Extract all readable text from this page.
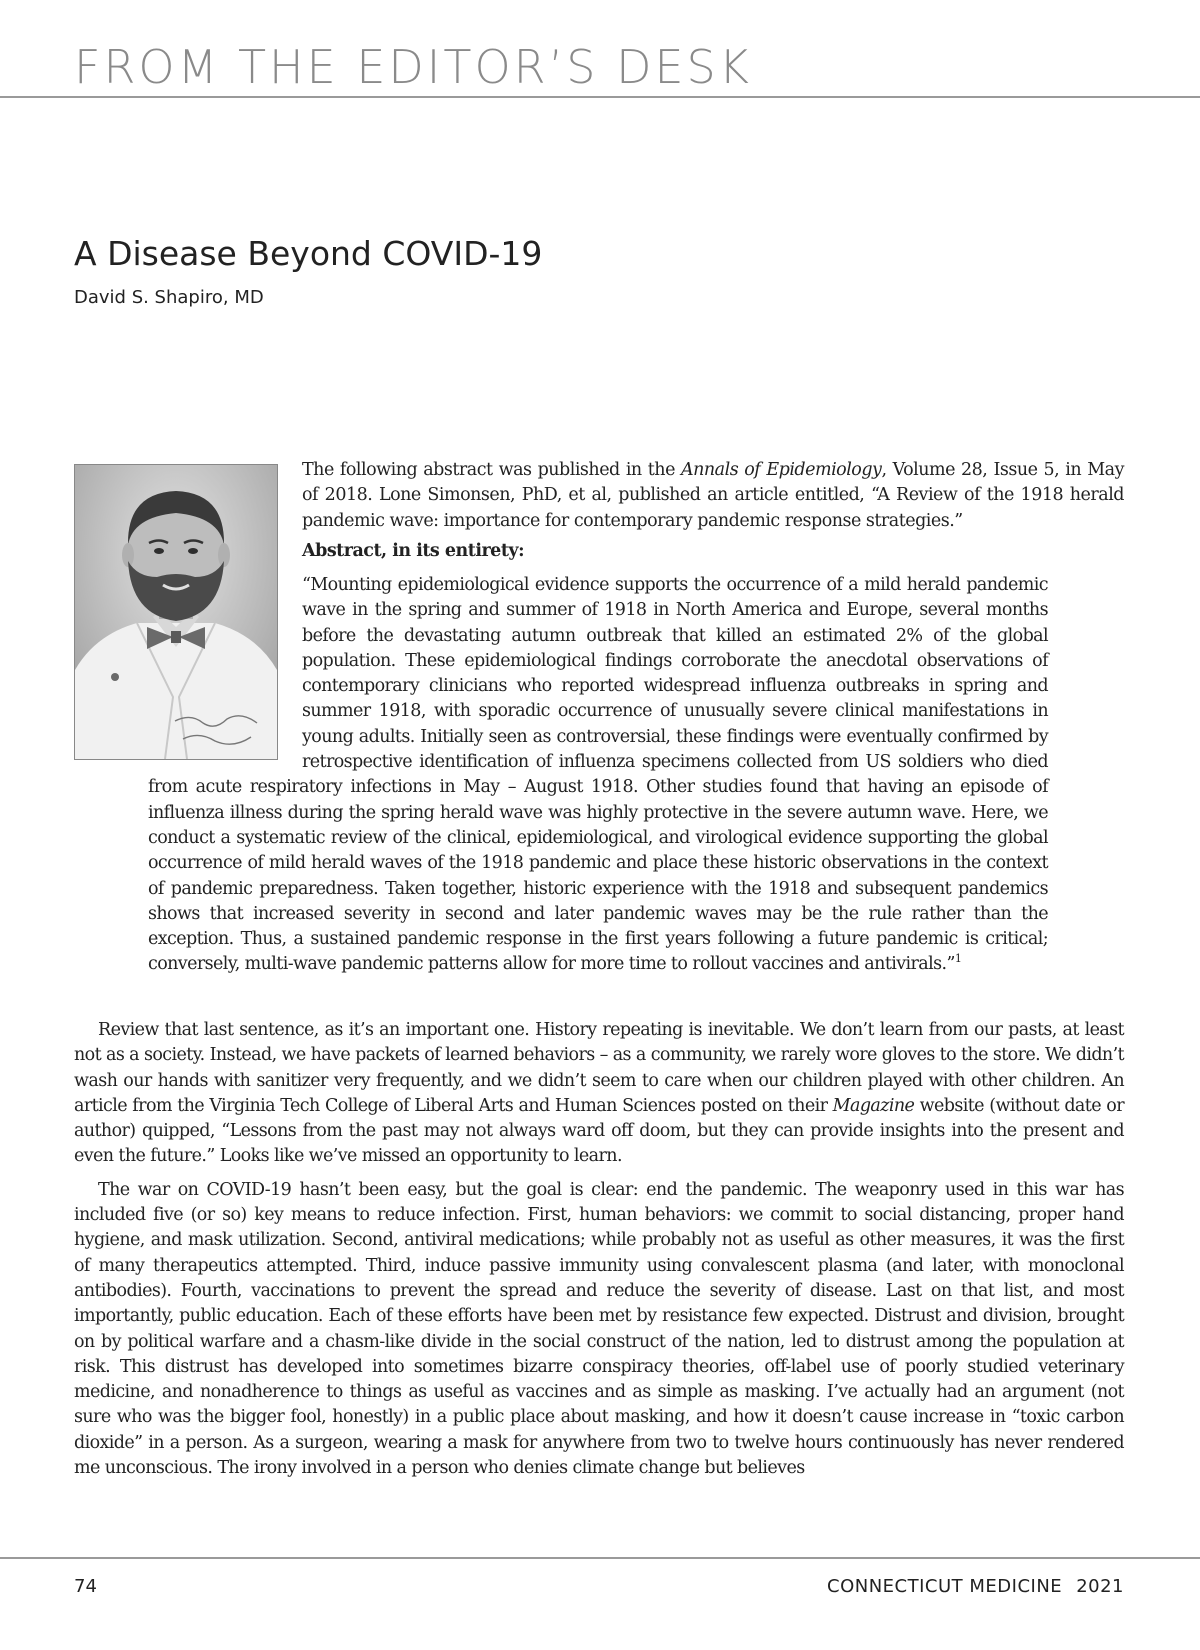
FROM THE EDITOR’S DESK
A Disease Beyond COVID-19

David S. Shapiro, MD

The following abstract was published in the Annals of Epidemiology, Volume 28, Issue 5, in May of 2018. Lone Simonsen, PhD, et al, published an article entitled, “A Review of the 1918 herald pandemic wave: importance for contemporary pandemic response strategies.”

Abstract, in its entirety:

“Mounting epidemiological evidence supports the occurrence of a mild herald pandemic wave in the spring and summer of 1918 in North America and Europe, several months before the devastating autumn outbreak that killed an estimated 2% of the global population. These epidemiological findings corroborate the anecdotal observations of contemporary clinicians who reported widespread influenza outbreaks in spring and summer 1918, with sporadic occurrence of unusually severe clinical manifestations in young adults. Initially seen as controversial, these findings were eventually confirmed by retrospective identification of influenza specimens collected from US soldiers who died from acute respiratory infections in May – August 1918. Other studies found that having an episode of influenza illness during the spring herald wave was highly protective in the severe autumn wave. Here, we conduct a systematic review of the clinical, epidemiological, and virological evidence supporting the global occurrence of mild herald waves of the 1918 pandemic and place these historic observations in the context of pandemic preparedness. Taken together, historic experience with the 1918 and subsequent pandemics shows that increased severity in second and later pandemic waves may be the rule rather than the exception. Thus, a sustained pandemic response in the first years following a future pandemic is critical; conversely, multi-wave pandemic patterns allow for more time to rollout vaccines and antivirals.”$^1$

Review that last sentence, as it’s an important one. History repeating is inevitable. We don’t learn from our pasts, at least not as a society. Instead, we have packets of learned behaviors – as a community, we rarely wore gloves to the store. We didn’t wash our hands with sanitizer very frequently, and we didn’t seem to care when our children played with other children. An article from the Virginia Tech College of Liberal Arts and Human Sciences posted on their Magazine website (without date or author) quipped, “Lessons from the past may not always ward off doom, but they can provide insights into the present and even the future.” Looks like we’ve missed an opportunity to learn.

The war on COVID-19 hasn’t been easy, but the goal is clear: end the pandemic. The weaponry used in this war has included five (or so) key means to reduce infection. First, human behaviors: we commit to social distancing, proper hand hygiene, and mask utilization. Second, antiviral medications; while probably not as useful as other measures, it was the first of many therapeutics attempted. Third, induce passive immunity using convalescent plasma (and later, with monoclonal antibodies). Fourth, vaccinations to prevent the spread and reduce the severity of disease. Last on that list, and most importantly, public education. Each of these efforts have been met by resistance few expected. Distrust and division, brought on by political warfare and a chasm-like divide in the social construct of the nation, led to distrust among the population at risk. This distrust has developed into sometimes bizarre conspiracy theories, off-label use of poorly studied veterinary medicine, and nonadherence to things as useful as vaccines and as simple as masking. I’ve actually had an argument (not sure who was the bigger fool, honestly) in a public place about masking, and how it doesn’t cause increase in “toxic carbon dioxide” in a person. As a surgeon, wearing a mask for anywhere from two to twelve hours continuously has never rendered me unconscious. The irony involved in a person who denies climate change but believes

74	CONNECTICUT MEDICINE 2021
